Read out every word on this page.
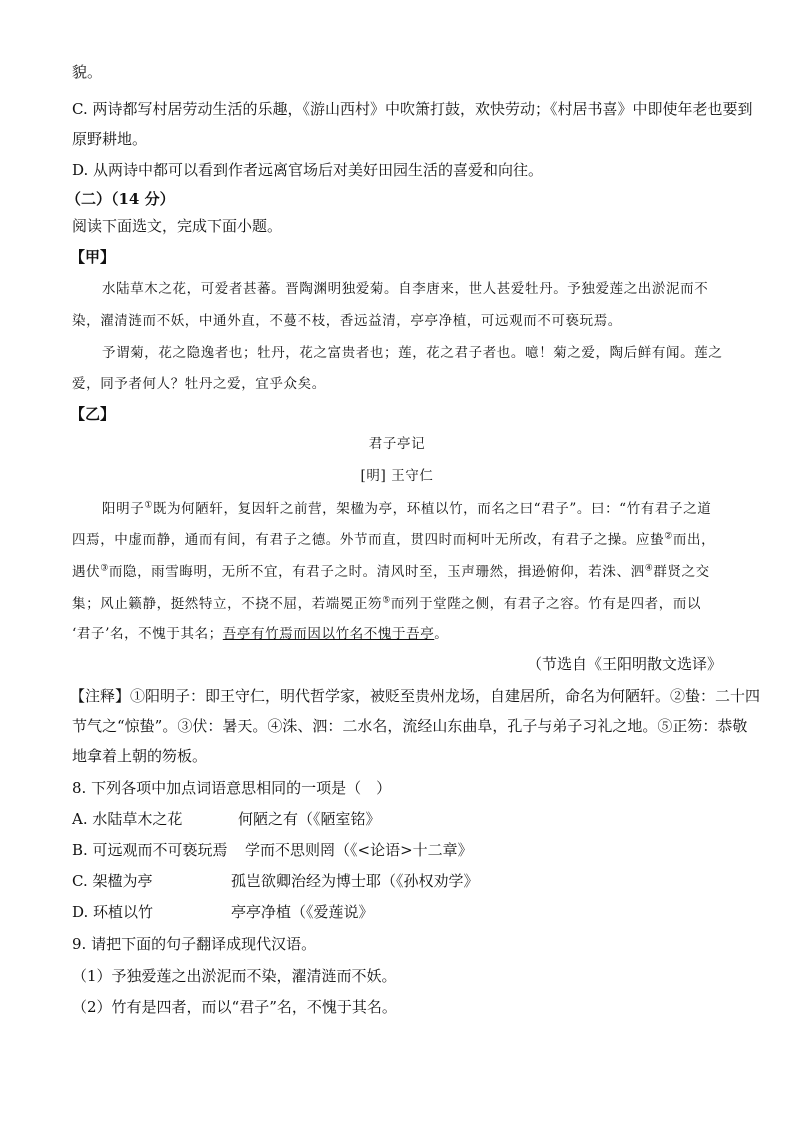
貌。
C. 两诗都写村居劳动生活的乐趣，《游山西村》中吹箫打鼓，欢快劳动；《村居书喜》中即使年老也要到
原野耕地。
D. 从两诗中都可以看到作者远离官场后对美好田园生活的喜爱和向往。
（二）（14 分）
阅读下面选文，完成下面小题。
【甲】
水陆草木之花，可爱者甚蕃。晋陶渊明独爱菊。自李唐来，世人甚爱牡丹。予独爱莲之出淤泥而不
染，濯清涟而不妖，中通外直，不蔓不枝，香远益清，亭亭净植，可远观而不可亵玩焉。
予谓菊，花之隐逸者也；牡丹，花之富贵者也；莲，花之君子者也。噫！菊之爱，陶后鲜有闻。莲之
爱，同予者何人？牡丹之爱，宜乎众矣。
【乙】
君子亭记
[明] 王守仁
阳明子①既为何陋轩，复因轩之前营，架楹为亭，环植以竹，而名之曰“君子”。曰：“竹有君子之道
四焉，中虚而静，通而有间，有君子之德。外节而直，贯四时而柯叶无所改，有君子之操。应蛰②而出，
遇伏③而隐，雨雪晦明，无所不宜，有君子之时。清风时至，玉声珊然，揖逊俯仰，若洙、泗④群贤之交
集；风止籁静，挺然特立，不挠不屈，若端冕正笏⑤而列于堂陛之侧，有君子之容。竹有是四者，而以
‘君子’名，不愧于其名；吾亭有竹焉而因以竹名不愧于吾亭。
（节选自《王阳明散文选译》
【注释】①阳明子：即王守仁，明代哲学家，被贬至贵州龙场，自建居所，命名为何陋轩。②蛰：二十四
节气之“惊蛰”。③伏：暑天。④洙、泗：二水名，流经山东曲阜，孔子与弟子习礼之地。⑤正笏：恭敬
地拿着上朝的笏板。
8. 下列各项中加点词语意思相同的一项是（　）
A. 水陆草木之花	何陋之有（《陋室铭》
B. 可远观而不可亵玩焉 学而不思则罔（《<论语>十二章》
C. 架楹为亭	孤岂欲卿治经为博士耶（《孙权劝学》
D. 环植以竹	亭亭净植（《爱莲说》
9. 请把下面的句子翻译成现代汉语。
（1）予独爱莲之出淤泥而不染，濯清涟而不妖。
（2）竹有是四者，而以“君子”名，不愧于其名。
